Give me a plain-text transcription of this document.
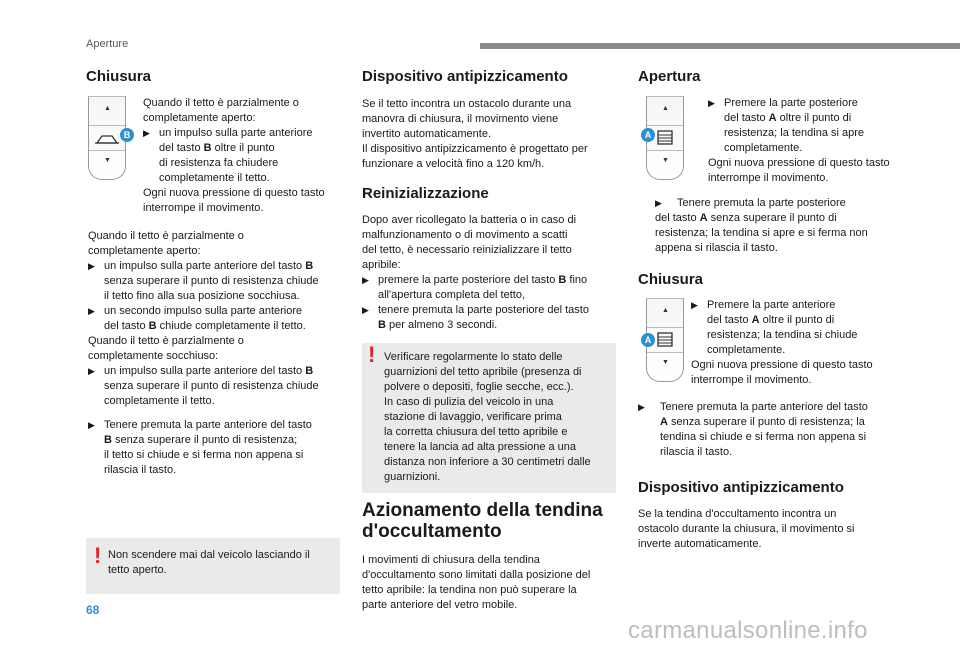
Aperture
Chiusura
▲
▼
B

Quando il tetto è parzialmente o

completamente aperto:

▶ un impulso sulla parte anteriore

del tasto B oltre il punto

di resistenza fa chiudere

completamente il tetto.

Ogni nuova pressione di questo tasto

interrompe il movimento.

Quando il tetto è parzialmente o

completamente aperto:

▶ un impulso sulla parte anteriore del tasto B

senza superare il punto di resistenza chiude

il tetto fino alla sua posizione socchiusa.

▶ un secondo impulso sulla parte anteriore

del tasto B chiude completamente il tetto.

Quando il tetto è parzialmente o

completamente socchiuso:

▶ un impulso sulla parte anteriore del tasto B

senza superare il punto di resistenza chiude

completamente il tetto.

▶ Tenere premuta la parte anteriore del tasto

B senza superare il punto di resistenza;

il tetto si chiude e si ferma non appena si

rilascia il tasto.

! Non scendere mai dal veicolo lasciando il

tetto aperto.

Dispositivo antipizzicamento

Se il tetto incontra un ostacolo durante una

manovra di chiusura, il movimento viene

invertito automaticamente.

Il dispositivo antipizzicamento è progettato per

funzionare a velocità fino a 120 km/h.

Reinizializzazione

Dopo aver ricollegato la batteria o in caso di

malfunzionamento o di movimento a scatti

del tetto, è necessario reinizializzare il tetto

apribile:

▶ premere la parte posteriore del tasto B fino

all'apertura completa del tetto,

▶ tenere premuta la parte posteriore del tasto

B per almeno 3 secondi.

! Verificare regolarmente lo stato delle

guarnizioni del tetto apribile (presenza di

polvere o depositi, foglie secche, ecc.).

In caso di pulizia del veicolo in una

stazione di lavaggio, verificare prima

la corretta chiusura del tetto apribile e

tenere la lancia ad alta pressione a una

distanza non inferiore a 30 centimetri dalle

guarnizioni.

Azionamento della tendina
d'occultamento

I movimenti di chiusura della tendina

d'occultamento sono limitati dalla posizione del

tetto apribile: la tendina non può superare la

parte anteriore del vetro mobile.

Apertura
▲
▼
A
▶ Premere la parte posteriore

del tasto A oltre il punto di

resistenza; la tendina si apre

completamente.

Ogni nuova pressione di questo tasto

interrompe il movimento.

▶	Tenere premuta la parte posteriore

del tasto A senza superare il punto di

resistenza; la tendina si apre e si ferma non

appena si rilascia il tasto.

Chiusura
▲
▼
A
▶ Premere la parte anteriore

del tasto A oltre il punto di

resistenza; la tendina si chiude

completamente.

Ogni nuova pressione di questo tasto

interrompe il movimento.

▶	Tenere premuta la parte anteriore del tasto

A senza superare il punto di resistenza; la

tendina si chiude e si ferma non appena si

rilascia il tasto.

Dispositivo antipizzicamento

Se la tendina d'occultamento incontra un

ostacolo durante la chiusura, il movimento si

inverte automaticamente.

68
carmanualsonline.info
